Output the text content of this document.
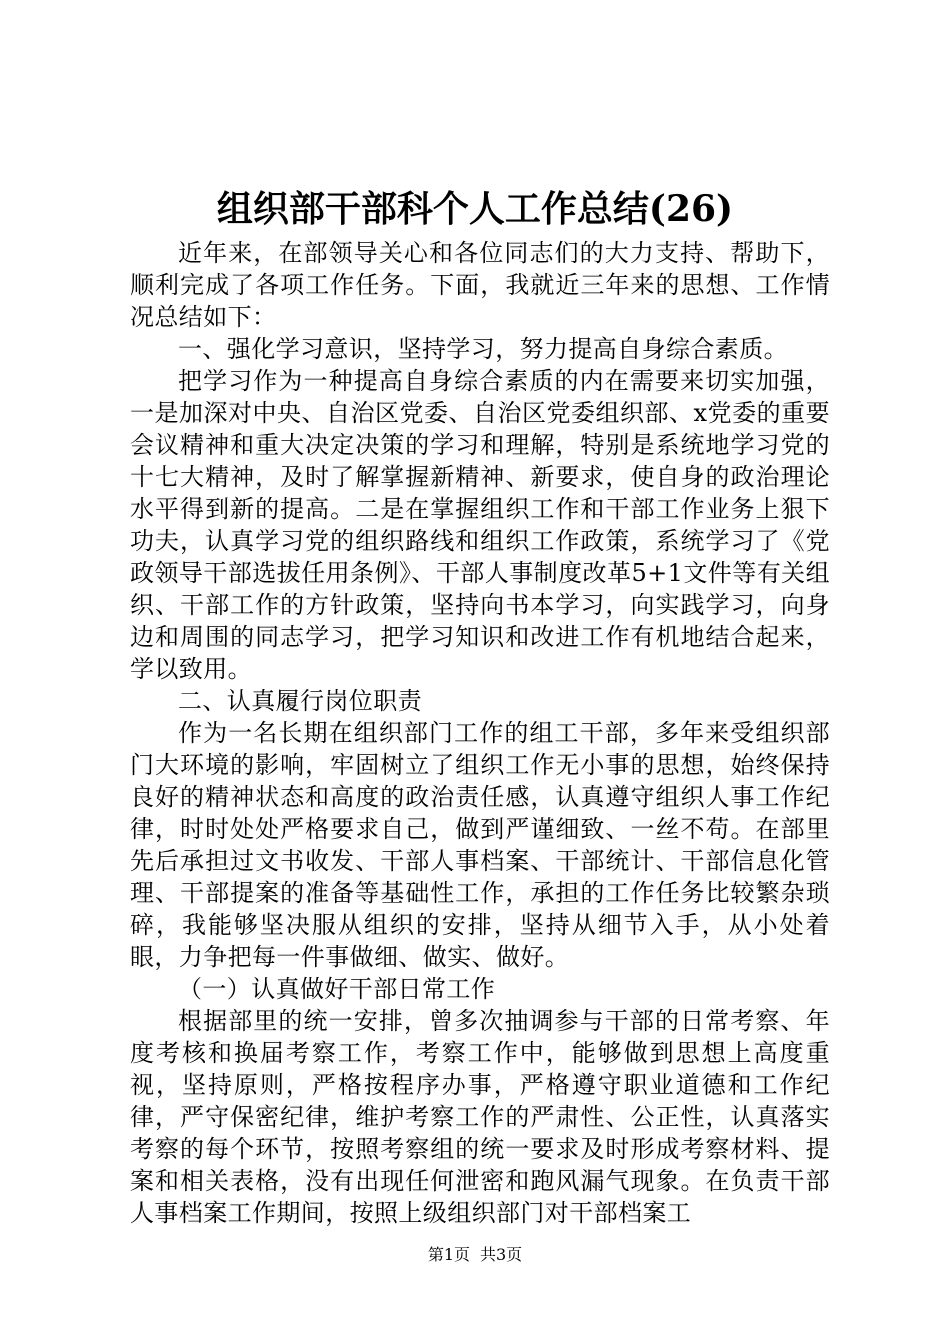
组织部干部科个人工作总结(26)

近年来，在部领导关心和各位同志们的大力支持、帮助下，顺利完成了各项工作任务。下面，我就近三年来的思想、工作情况总结如下：

一、强化学习意识，坚持学习，努力提高自身综合素质。

把学习作为一种提高自身综合素质的内在需要来切实加强，一是加深对中央、自治区党委、自治区党委组织部、x党委的重要会议精神和重大决定决策的学习和理解，特别是系统地学习党的十七大精神，及时了解掌握新精神、新要求，使自身的政治理论水平得到新的提高。二是在掌握组织工作和干部工作业务上狠下功夫，认真学习党的组织路线和组织工作政策，系统学习了《党政领导干部选拔任用条例》、干部人事制度改革5+1文件等有关组织、干部工作的方针政策，坚持向书本学习，向实践学习，向身边和周围的同志学习，把学习知识和改进工作有机地结合起来，学以致用。

二、认真履行岗位职责

作为一名长期在组织部门工作的组工干部，多年来受组织部门大环境的影响，牢固树立了组织工作无小事的思想，始终保持良好的精神状态和高度的政治责任感，认真遵守组织人事工作纪律，时时处处严格要求自己，做到严谨细致、一丝不苟。在部里先后承担过文书收发、干部人事档案、干部统计、干部信息化管理、干部提案的准备等基础性工作，承担的工作任务比较繁杂琐碎，我能够坚决服从组织的安排，坚持从细节入手，从小处着眼，力争把每一件事做细、做实、做好。

（一）认真做好干部日常工作

根据部里的统一安排，曾多次抽调参与干部的日常考察、年度考核和换届考察工作，考察工作中，能够做到思想上高度重视，坚持原则，严格按程序办事，严格遵守职业道德和工作纪律，严守保密纪律，维护考察工作的严肃性、公正性，认真落实考察的每个环节，按照考察组的统一要求及时形成考察材料、提案和相关表格，没有出现任何泄密和跑风漏气现象。在负责干部人事档案工作期间，按照上级组织部门对干部档案工

第1页 共3页
